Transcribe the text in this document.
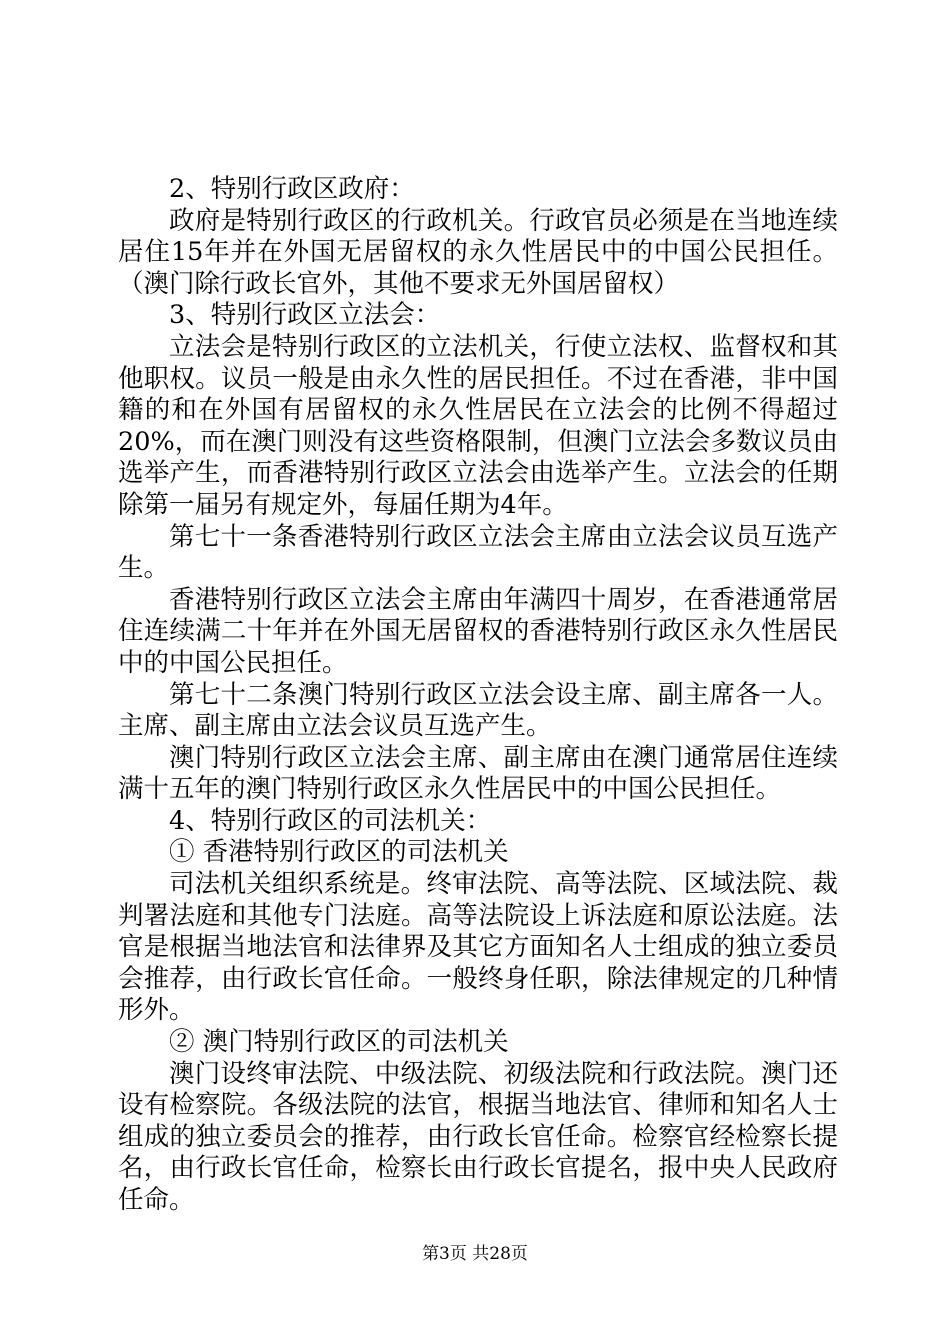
2、特别行政区政府：

政府是特别行政区的行政机关。行政官员必须是在当地连续居住15年并在外国无居留权的永久性居民中的中国公民担任。（澳门除行政长官外，其他不要求无外国居留权）

3、特别行政区立法会：

立法会是特别行政区的立法机关，行使立法权、监督权和其他职权。议员一般是由永久性的居民担任。不过在香港，非中国籍的和在外国有居留权的永久性居民在立法会的比例不得超过20%，而在澳门则没有这些资格限制，但澳门立法会多数议员由选举产生，而香港特别行政区立法会由选举产生。立法会的任期除第一届另有规定外，每届任期为4年。

第七十一条香港特别行政区立法会主席由立法会议员互选产生。

香港特别行政区立法会主席由年满四十周岁，在香港通常居住连续满二十年并在外国无居留权的香港特别行政区永久性居民中的中国公民担任。

第七十二条澳门特别行政区立法会设主席、副主席各一人。主席、副主席由立法会议员互选产生。

澳门特别行政区立法会主席、副主席由在澳门通常居住连续满十五年的澳门特别行政区永久性居民中的中国公民担任。

4、特别行政区的司法机关：

① 香港特别行政区的司法机关

司法机关组织系统是。终审法院、高等法院、区域法院、裁判署法庭和其他专门法庭。高等法院设上诉法庭和原讼法庭。法官是根据当地法官和法律界及其它方面知名人士组成的独立委员会推荐，由行政长官任命。一般终身任职，除法律规定的几种情形外。

② 澳门特别行政区的司法机关

澳门设终审法院、中级法院、初级法院和行政法院。澳门还设有检察院。各级法院的法官，根据当地法官、律师和知名人士组成的独立委员会的推荐，由行政长官任命。检察官经检察长提名，由行政长官任命，检察长由行政长官提名，报中央人民政府任命。

第3页 共28页
